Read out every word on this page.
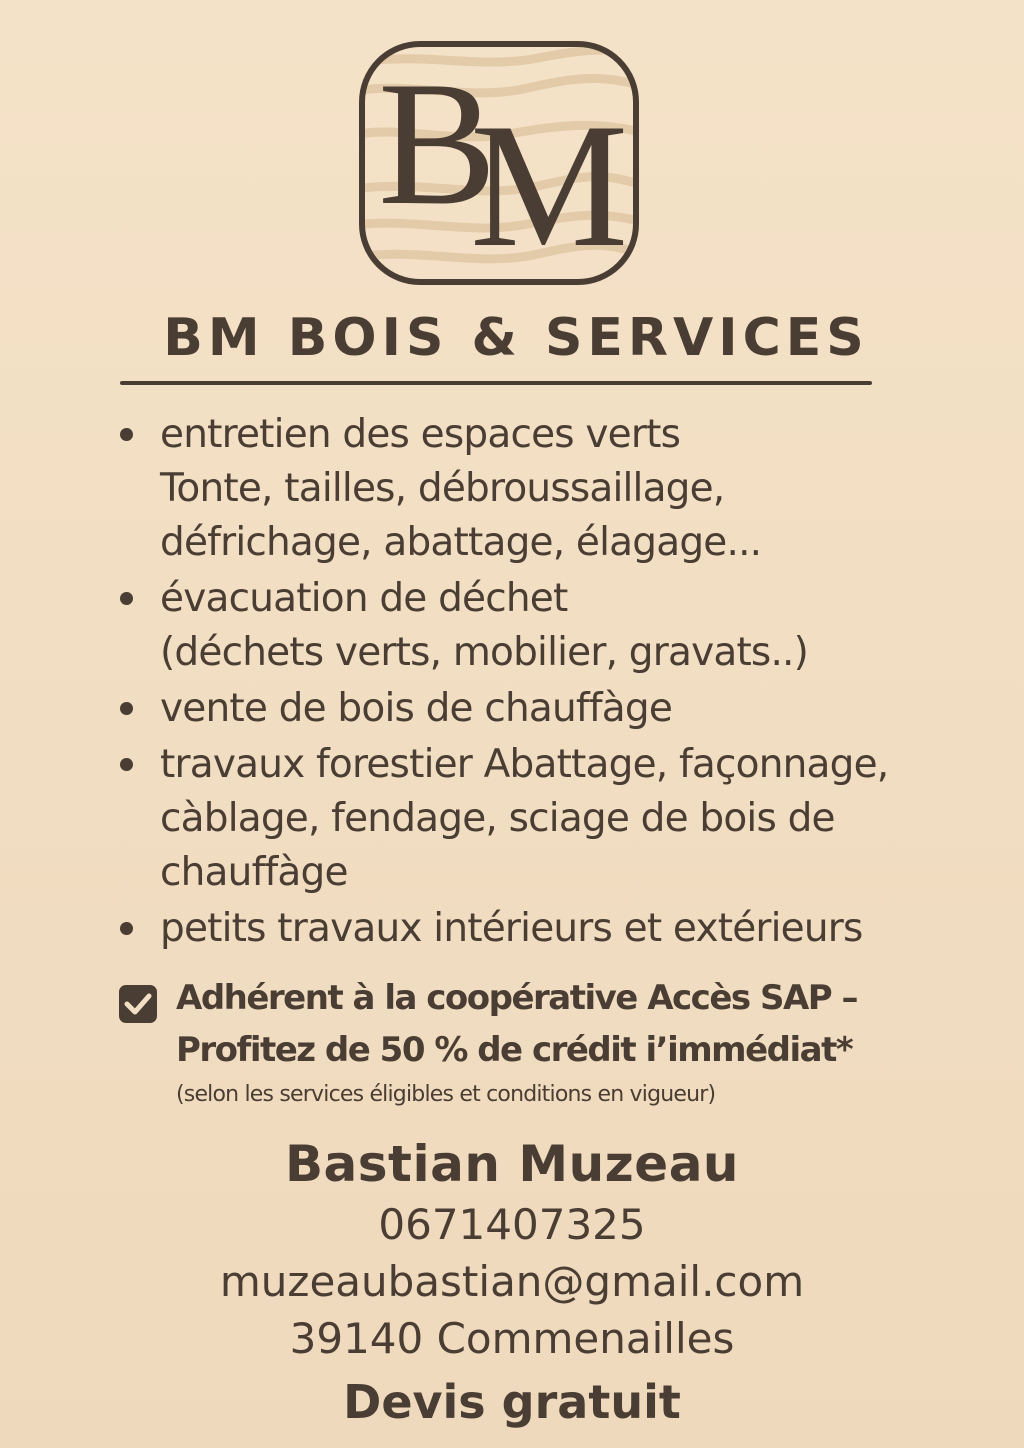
B
M
BM BOIS & SERVICES
entretien des espaces verts
Tonte, tailles, débroussaillage,
défrichage, abattage, élagage...
évacuation de déchet
(déchets verts, mobilier, gravats..)
vente de bois de chauffàge
travaux forestier Abattage, façonnage,
càblage, fendage, sciage de bois de
chauffàge
petits travaux intérieurs et extérieurs
Adhérent à la coopérative Accès SAP –
Profitez de 50 % de crédit i’immédiat*
(selon les services éligibles et conditions en vigueur)
Bastian Muzeau
0671407325
muzeaubastian@gmail.com
39140 Commenailles
Devis gratuit
